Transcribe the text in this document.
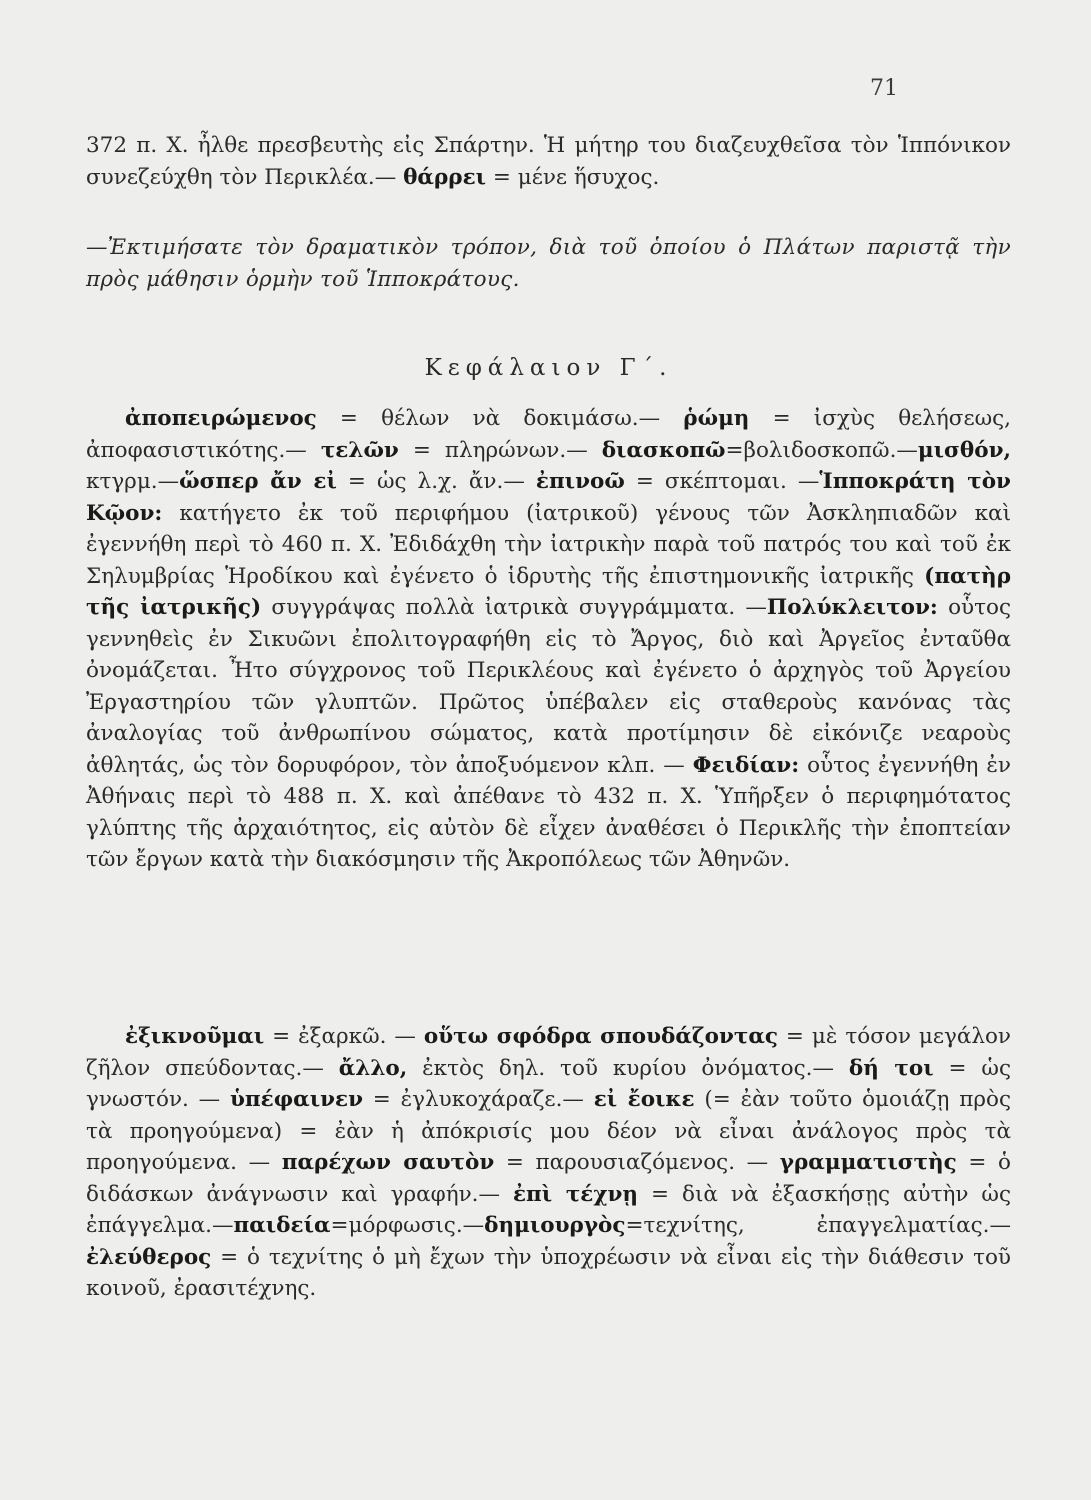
71

372 π. Χ. ἦλθε πρεσβευτὴς εἰς Σπάρτην. Ἡ μήτηρ του διαζευχθεῖσα τὸν Ἱππόνικον συνεζεύχθη τὸν Περικλέα.— θάρρει = μένε ἥσυχος.

—Ἐκτιμήσατε τὸν δραματικὸν τρόπον, διὰ τοῦ ὁποίου ὁ Πλάτων παριστᾷ τὴν πρὸς μάθησιν ὁρμὴν τοῦ Ἱπποκράτους.

Κεφάλαιον Γ΄.

ἀποπειρώμενος = θέλων νὰ δοκιμάσω.— ῥώμη = ἰσχὺς θελήσεως, ἀποφασιστικότης.— τελῶν = πληρώνων.— διασκοπῶ=βολιδοσκοπῶ.—μισθόν, κτγρμ.—ὥσπερ ἄν εἰ = ὡς λ.χ. ἄν.— ἐπινοῶ = σκέπτομαι. —Ἱπποκράτη τὸν Κῷον: κατήγετο ἐκ τοῦ περιφήμου (ἰατρικοῦ) γένους τῶν Ἀσκληπιαδῶν καὶ ἐγεννήθη περὶ τὸ 460 π. Χ. Ἐδιδάχθη τὴν ἰατρικὴν παρὰ τοῦ πατρός του καὶ τοῦ ἐκ Σηλυμβρίας Ἡροδίκου καὶ ἐγένετο ὁ ἱδρυτὴς τῆς ἐπιστημονικῆς ἰατρικῆς (πατὴρ τῆς ἰατρικῆς) συγγράψας πολλὰ ἰατρικὰ συγγράμματα. —Πολύκλειτον: οὗτος γεννηθεὶς ἐν Σικυῶνι ἐπολιτογραφήθη εἰς τὸ Ἄργος, διὸ καὶ Ἀργεῖος ἐνταῦθα ὀνομάζεται. Ἦτο σύγχρονος τοῦ Περικλέους καὶ ἐγένετο ὁ ἀρχηγὸς τοῦ Ἀργείου Ἐργαστηρίου τῶν γλυπτῶν. Πρῶτος ὑπέβαλεν εἰς σταθεροὺς κανόνας τὰς ἀναλογίας τοῦ ἀνθρωπίνου σώματος, κατὰ προτίμησιν δὲ εἰκόνιζε νεαροὺς ἀθλητάς, ὡς τὸν δορυφόρον, τὸν ἀποξυόμενον κλπ. — Φειδίαν: οὗτος ἐγεννήθη ἐν Ἀθήναις περὶ τὸ 488 π. Χ. καὶ ἀπέθανε τὸ 432 π. Χ. Ὑπῆρξεν ὁ περιφημότατος γλύπτης τῆς ἀρχαιότητος, εἰς αὐτὸν δὲ εἶχεν ἀναθέσει ὁ Περικλῆς τὴν ἐποπτείαν τῶν ἔργων κατὰ τὴν διακόσμησιν τῆς Ἀκροπόλεως τῶν Ἀθηνῶν.

ἐξικνοῦμαι = ἐξαρκῶ. — οὕτω σφόδρα σπουδάζοντας = μὲ τόσον μεγάλον ζῆλον σπεύδοντας.— ἄλλο, ἐκτὸς δηλ. τοῦ κυρίου ὀνόματος.— δή τοι = ὡς γνωστόν. — ὑπέφαινεν = ἐγλυκοχάραζε.— εἰ ἔοικε (= ἐὰν τοῦτο ὁμοιάζῃ πρὸς τὰ προηγούμενα) = ἐὰν ἡ ἀπόκρισίς μου δέον νὰ εἶναι ἀνάλογος πρὸς τὰ προηγούμενα. — παρέχων σαυτὸν = παρουσιαζόμενος. — γραμματιστὴς = ὁ διδάσκων ἀνάγνωσιν καὶ γραφήν.— ἐπὶ τέχνῃ = διὰ νὰ ἐξασκήσῃς αὐτὴν ὡς ἐπάγγελμα.—παιδεία=μόρφωσις.—δημιουργὸς=τεχνίτης, ἐπαγγελματίας.— ἐλεύθερος = ὁ τεχνίτης ὁ μὴ ἔχων τὴν ὑποχρέωσιν νὰ εἶναι εἰς τὴν διάθεσιν τοῦ κοινοῦ, ἐρασιτέχνης.
